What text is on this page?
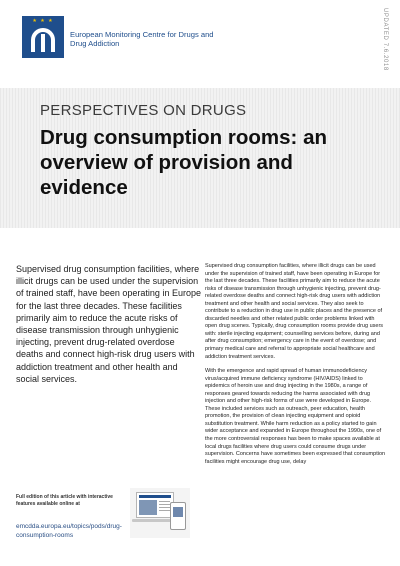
★ ★ ★
European Monitoring Centre for Drugs and Drug Addiction	UPDATED 7.6.2018
PERSPECTIVES ON DRUGS
Drug consumption rooms: an overview of provision and evidence
Supervised drug consumption facilities, where illicit drugs can be used under the supervision of trained staff, have been operating in Europe for the last three decades. These facilities primarily aim to reduce the acute risks of disease transmission through unhygienic injecting, prevent drug-related overdose deaths and connect high-risk drug users with addiction treatment and other health and social services.
Full edition of this article with interactive features available online at
emcdda.europa.eu/topics/pods/drug-consumption-rooms

Supervised drug consumption facilities, where illicit drugs can be used under the supervision of trained staff, have been operating in Europe for the last three decades. These facilities primarily aim to reduce the acute risks of disease transmission through unhygienic injecting, prevent drug-related overdose deaths and connect high-risk drug users with addiction treatment and other health and social services. They also seek to contribute to a reduction in drug use in public places and the presence of discarded needles and other related public order problems linked with open drug scenes. Typically, drug consumption rooms provide drug users with: sterile injecting equipment; counselling services before, during and after drug consumption; emergency care in the event of overdose; and primary medical care and referral to appropriate social healthcare and addiction treatment services.

With the emergence and rapid spread of human immunodeficiency virus/acquired immune deficiency syndrome (HIV/AIDS) linked to epidemics of heroin use and drug injecting in the 1980s, a range of responses geared towards reducing the harms associated with drug injection and other high-risk forms of use were developed in Europe. These included services such as outreach, peer education, health promotion, the provision of clean injecting equipment and opioid substitution treatment. While harm reduction as a policy started to gain wider acceptance and expanded in Europe throughout the 1990s, one of the more controversial responses has been to make spaces available at local drugs facilities where drug users could consume drugs under supervision. Concerns have sometimes been expressed that consumption facilities might encourage drug use, delay
